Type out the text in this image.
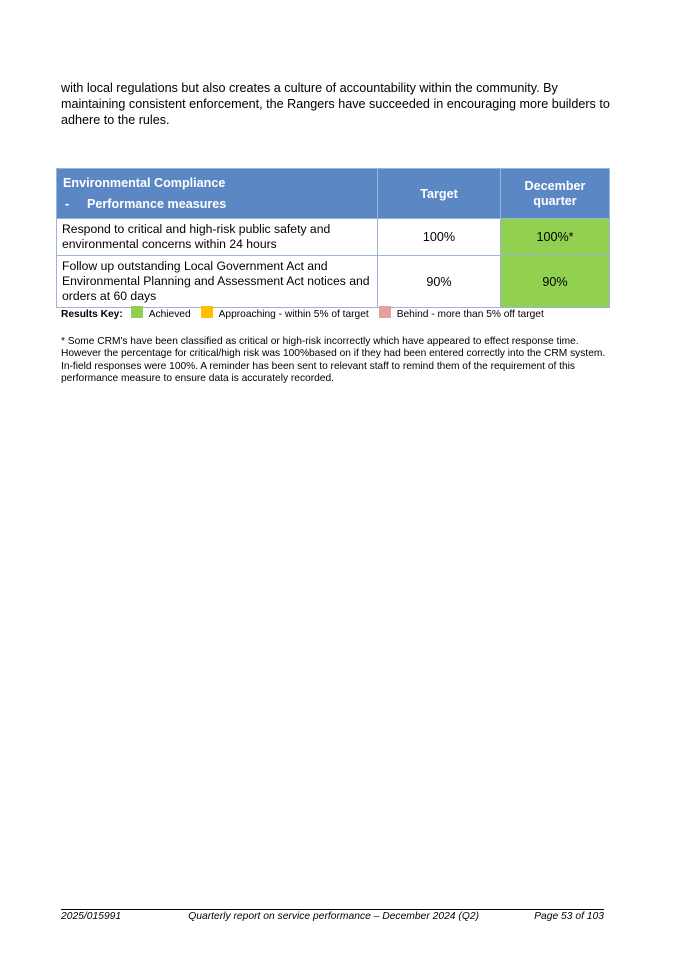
with local regulations but also creates a culture of accountability within the community. By maintaining consistent enforcement, the Rangers have succeeded in encouraging more builders to adhere to the rules.

Environmental Compliance
- Performance measures	Target	December quarter
Respond to critical and high-risk public safety and environmental concerns within 24 hours	100%	100%*
Follow up outstanding Local Government Act and Environmental Planning and Assessment Act notices and orders at 60 days	90%	90%
Results Key:	Achieved	Approaching - within 5% of target	Behind - more than 5% off target

* Some CRM's have been classified as critical or high-risk incorrectly which have appeared to effect response time. However the percentage for critical/high risk was 100%based on if they had been entered correctly into the CRM system. In-field responses were 100%. A reminder has been sent to relevant staff to remind them of the requirement of this performance measure to ensure data is accurately recorded.

2025/015991	Quarterly report on service performance – December 2024 (Q2)	Page 53 of 103
